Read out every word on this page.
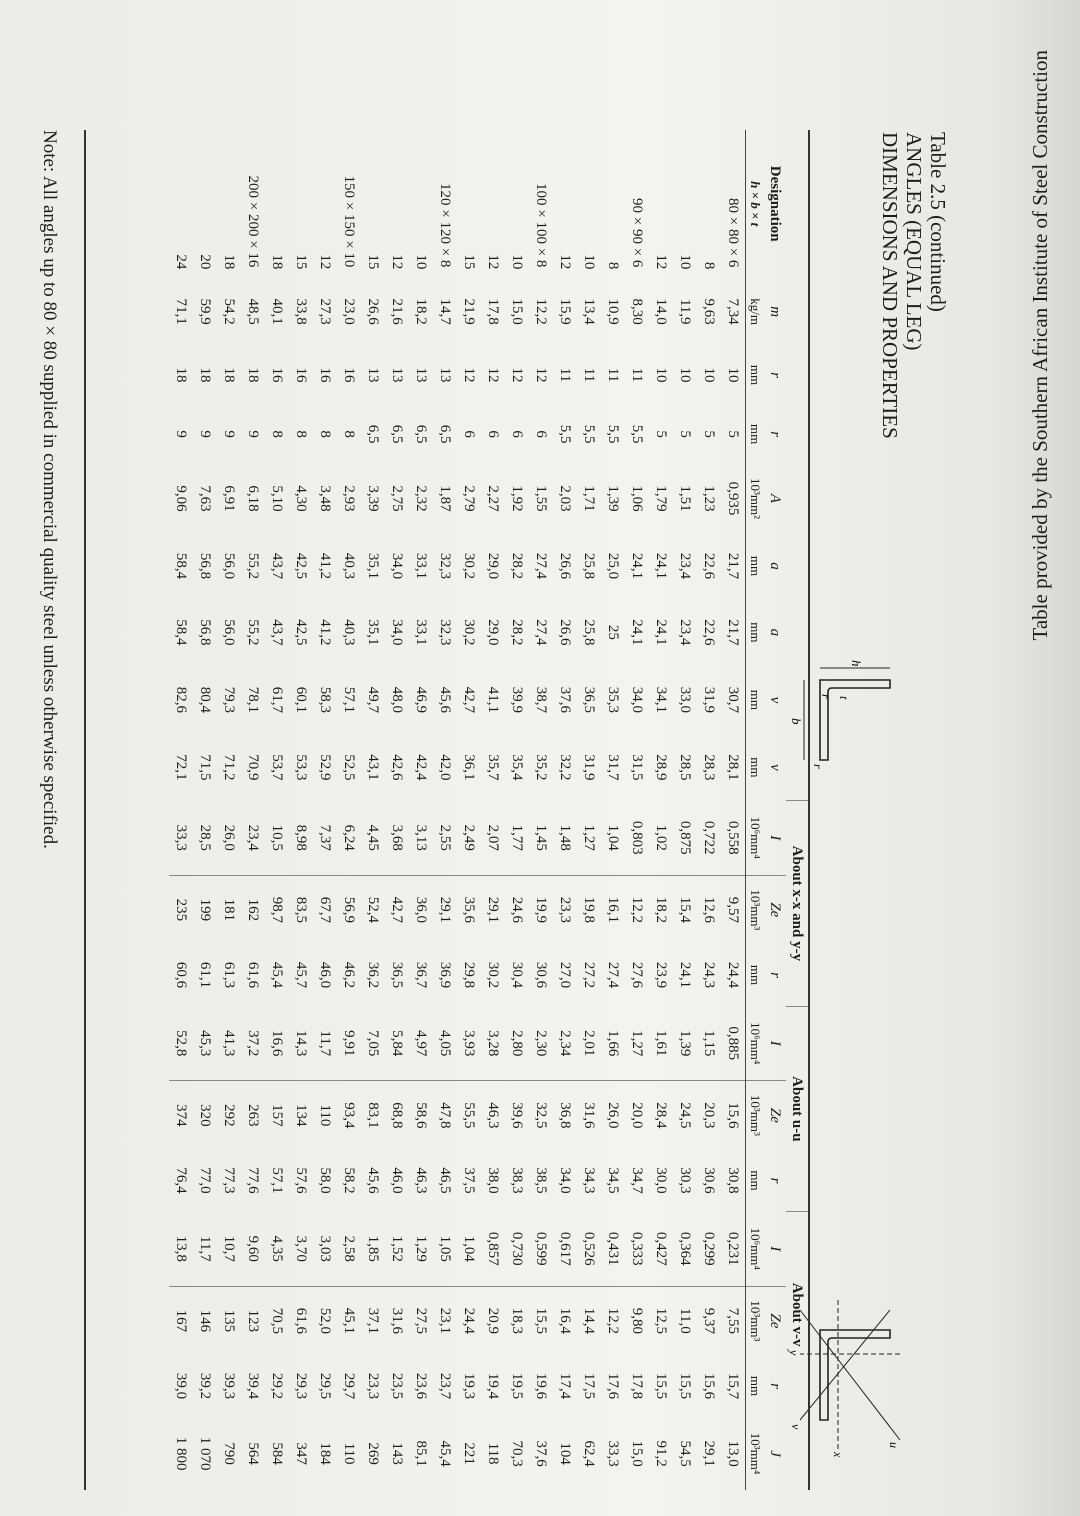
Table provided by the Southern African Institute of Steel Construction
Table 2.5 (continued)
ANGLES (EQUAL LEG)
DIMENSIONS AND PROPERTIES
h
b
t
r
r
x
y
u
v
										About x-x and y-y			About u-u			About v-v			
Designation		m	r	r	A	a	a	v	v	I	Ze	r	I	Ze	r	I	Ze	r	J
h × b × t		kg/m	mm	mm	10³mm²	mm	mm	mm	mm	10⁶mm⁴	10³mm³	mm	10⁶mm⁴	10³mm³	mm	10⁶mm⁴	10³mm³	mm	10³mm⁴
80 × 80 × 6		7,34	10	5	0,935	21,7	21,7	30,7	28,1	0,558	9,57	24,4	0,885	15,6	30,8	0,231	7,55	15,7	13,0
	8	9,63	10	5	1,23	22,6	22,6	31,9	28,3	0,722	12,6	24,3	1,15	20,3	30,6	0,299	9,37	15,6	29,1
	10	11,9	10	5	1,51	23,4	23,4	33,0	28,5	0,875	15,4	24,1	1,39	24,5	30,3	0,364	11,0	15,5	54,5
	12	14,0	10	5	1,79	24,1	24,1	34,1	28,9	1,02	18,2	23,9	1,61	28,4	30,0	0,427	12,5	15,5	91,2
90 × 90 × 6		8,30	11	5,5	1,06	24,1	24,1	34,0	31,5	0,803	12,2	27,6	1,27	20,0	34,7	0,333	9,80	17,8	15,0
	8	10,9	11	5,5	1,39	25,0	25	35,3	31,7	1,04	16,1	27,4	1,66	26,0	34,5	0,431	12,2	17,6	33,3
	10	13,4	11	5,5	1,71	25,8	25,8	36,5	31,9	1,27	19,8	27,2	2,01	31,6	34,3	0,526	14,4	17,5	62,4
	12	15,9	11	5,5	2,03	26,6	26,6	37,6	32,2	1,48	23,3	27,0	2,34	36,8	34,0	0,617	16,4	17,4	104
100 × 100 × 8		12,2	12	6	1,55	27,4	27,4	38,7	35,2	1,45	19,9	30,6	2,30	32,5	38,5	0,599	15,5	19,6	37,6
	10	15,0	12	6	1,92	28,2	28,2	39,9	35,4	1,77	24,6	30,4	2,80	39,6	38,3	0,730	18,3	19,5	70,3
	12	17,8	12	6	2,27	29,0	29,0	41,1	35,7	2,07	29,1	30,2	3,28	46,3	38,0	0,857	20,9	19,4	118
	15	21,9	12	6	2,79	30,2	30,2	42,7	36,1	2,49	35,6	29,8	3,93	55,5	37,5	1,04	24,4	19,3	221
120 × 120 × 8		14,7	13	6,5	1,87	32,3	32,3	45,6	42,0	2,55	29,1	36,9	4,05	47,8	46,5	1,05	23,1	23,7	45,4
	10	18,2	13	6,5	2,32	33,1	33,1	46,9	42,4	3,13	36,0	36,7	4,97	58,6	46,3	1,29	27,5	23,6	85,1
	12	21,6	13	6,5	2,75	34,0	34,0	48,0	42,6	3,68	42,7	36,5	5,84	68,8	46,0	1,52	31,6	23,5	143
	15	26,6	13	6,5	3,39	35,1	35,1	49,7	43,1	4,45	52,4	36,2	7,05	83,1	45,6	1,85	37,1	23,3	269
150 × 150 × 10		23,0	16	8	2,93	40,3	40,3	57,1	52,5	6,24	56,9	46,2	9,91	93,4	58,2	2,58	45,1	29,7	110
	12	27,3	16	8	3,48	41,2	41,2	58,3	52,9	7,37	67,7	46,0	11,7	110	58,0	3,03	52,0	29,5	184
	15	33,8	16	8	4,30	42,5	42,5	60,1	53,3	8,98	83,5	45,7	14,3	134	57,6	3,70	61,6	29,3	347
	18	40,1	16	8	5,10	43,7	43,7	61,7	53,7	10,5	98,7	45,4	16,6	157	57,1	4,35	70,5	29,2	584
200 × 200 × 16		48,5	18	9	6,18	55,2	55,2	78,1	70,9	23,4	162	61,6	37,2	263	77,6	9,60	123	39,4	564
	18	54,2	18	9	6,91	56,0	56,0	79,3	71,2	26,0	181	61,3	41,3	292	77,3	10,7	135	39,3	790
	20	59,9	18	9	7,63	56,8	56,8	80,4	71,5	28,5	199	61,1	45,3	320	77,0	11,7	146	39,2	1 070
	24	71,1	18	9	9,06	58,4	58,4	82,6	72,1	33,3	235	60,6	52,8	374	76,4	13,8	167	39,0	1 800
Note: All angles up to 80 × 80 supplied in commercial quality steel unless otherwise specified.
